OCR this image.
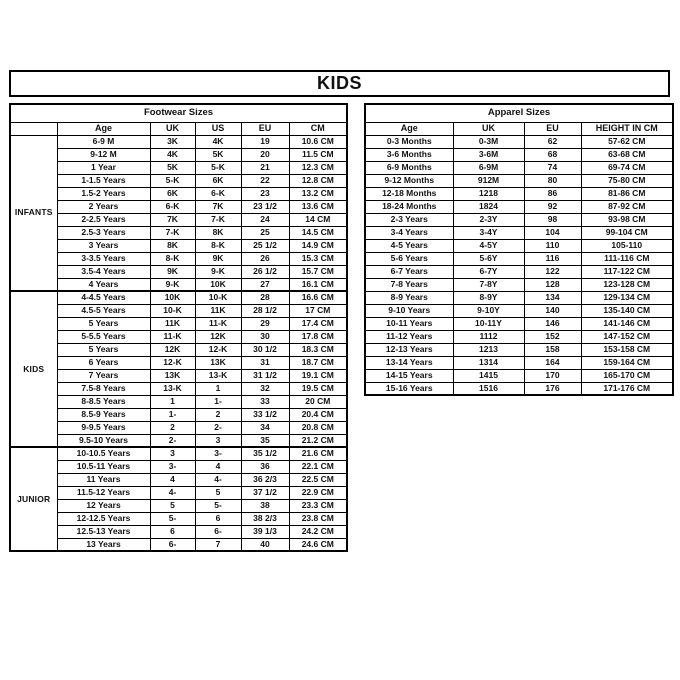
KIDS
Footwear Sizes					
	Age	UK	US	EU	CM
INFANTS	6-9 M	3K	4K	19	10.6 CM
	9-12 M	4K	5K	20	11.5 CM
	1 Year	5K	5-K	21	12.3 CM
	1-1.5 Years	5-K	6K	22	12.8 CM
	1.5-2 Years	6K	6-K	23	13.2 CM
	2 Years	6-K	7K	23 1/2	13.6 CM
	2-2.5 Years	7K	7-K	24	14 CM
	2.5-3 Years	7-K	8K	25	14.5 CM
	3 Years	8K	8-K	25 1/2	14.9 CM
	3-3.5 Years	8-K	9K	26	15.3 CM
	3.5-4 Years	9K	9-K	26 1/2	15.7 CM
	4 Years	9-K	10K	27	16.1 CM
KIDS	4-4.5 Years	10K	10-K	28	16.6 CM
	4.5-5 Years	10-K	11K	28 1/2	17 CM
	5 Years	11K	11-K	29	17.4 CM
	5-5.5 Years	11-K	12K	30	17.8 CM
	5 Years	12K	12-K	30 1/2	18.3 CM
	6 Years	12-K	13K	31	18.7 CM
	7 Years	13K	13-K	31 1/2	19.1 CM
	7.5-8 Years	13-K	1	32	19.5 CM
	8-8.5 Years	1	1-	33	20 CM
	8.5-9 Years	1-	2	33 1/2	20.4 CM
	9-9.5 Years	2	2-	34	20.8 CM
	9.5-10 Years	2-	3	35	21.2 CM
JUNIOR	10-10.5 Years	3	3-	35 1/2	21.6 CM
	10.5-11 Years	3-	4	36	22.1 CM
	11 Years	4	4-	36 2/3	22.5 CM
	11.5-12 Years	4-	5	37 1/2	22.9 CM
	12 Years	5	5-	38	23.3 CM
	12-12.5 Years	5-	6	38 2/3	23.8 CM
	12.5-13 Years	6	6-	39 1/3	24.2 CM
	13 Years	6-	7	40	24.6 CM
Apparel Sizes			
Age	UK	EU	HEIGHT IN CM
0-3 Months	0-3M	62	57-62 CM
3-6 Months	3-6M	68	63-68 CM
6-9 Months	6-9M	74	69-74 CM
9-12 Months	912M	80	75-80 CM
12-18 Months	1218	86	81-86 CM
18-24 Months	1824	92	87-92 CM
2-3 Years	2-3Y	98	93-98 CM
3-4 Years	3-4Y	104	99-104 CM
4-5 Years	4-5Y	110	105-110
5-6 Years	5-6Y	116	111-116 CM
6-7 Years	6-7Y	122	117-122 CM
7-8 Years	7-8Y	128	123-128 CM
8-9 Years	8-9Y	134	129-134 CM
9-10 Years	9-10Y	140	135-140 CM
10-11 Years	10-11Y	146	141-146 CM
11-12 Years	1112	152	147-152 CM
12-13 Years	1213	158	153-158 CM
13-14 Years	1314	164	159-164 CM
14-15 Years	1415	170	165-170 CM
15-16 Years	1516	176	171-176 CM
